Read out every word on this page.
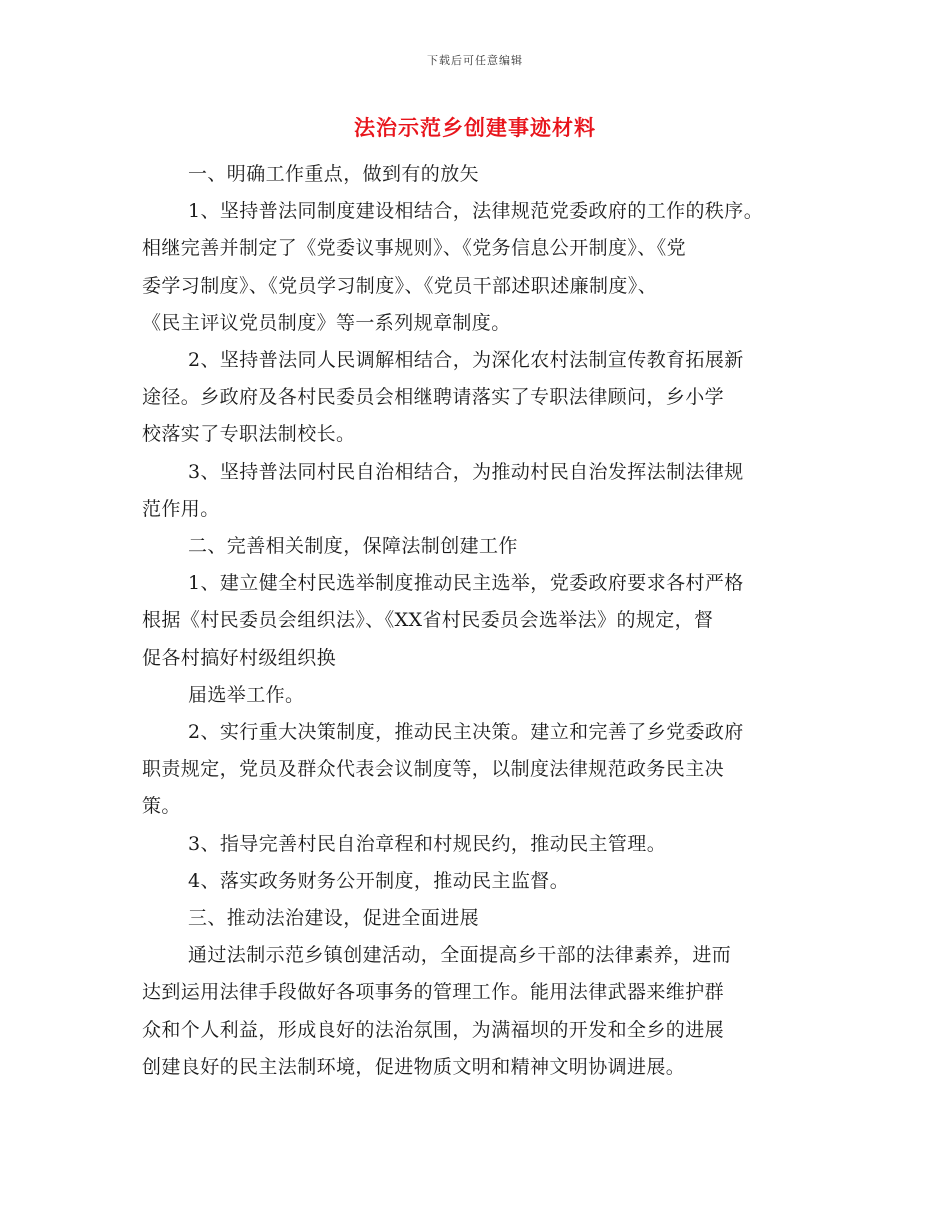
下载后可任意编辑
法治示范乡创建事迹材料

一、明确工作重点，做到有的放矢

1、坚持普法同制度建设相结合，法律规范党委政府的工作的秩序。
相继完善并制定了《党委议事规则》、《党务信息公开制度》、《党
委学习制度》、《党员学习制度》、《党员干部述职述廉制度》、
《民主评议党员制度》等一系列规章制度。

2、坚持普法同人民调解相结合，为深化农村法制宣传教育拓展新
途径。乡政府及各村民委员会相继聘请落实了专职法律顾问，乡小学
校落实了专职法制校长。

3、坚持普法同村民自治相结合，为推动村民自治发挥法制法律规
范作用。

二、完善相关制度，保障法制创建工作

1、建立健全村民选举制度推动民主选举，党委政府要求各村严格
根据《村民委员会组织法》、《XX省村民委员会选举法》的规定，督
促各村搞好村级组织换

届选举工作。

2、实行重大决策制度，推动民主决策。建立和完善了乡党委政府
职责规定，党员及群众代表会议制度等，以制度法律规范政务民主决
策。

3、指导完善村民自治章程和村规民约，推动民主管理。

4、落实政务财务公开制度，推动民主监督。

三、推动法治建设，促进全面进展

通过法制示范乡镇创建活动，全面提高乡干部的法律素养，进而
达到运用法律手段做好各项事务的管理工作。能用法律武器来维护群
众和个人利益，形成良好的法治氛围，为满福坝的开发和全乡的进展
创建良好的民主法制环境，促进物质文明和精神文明协调进展。
